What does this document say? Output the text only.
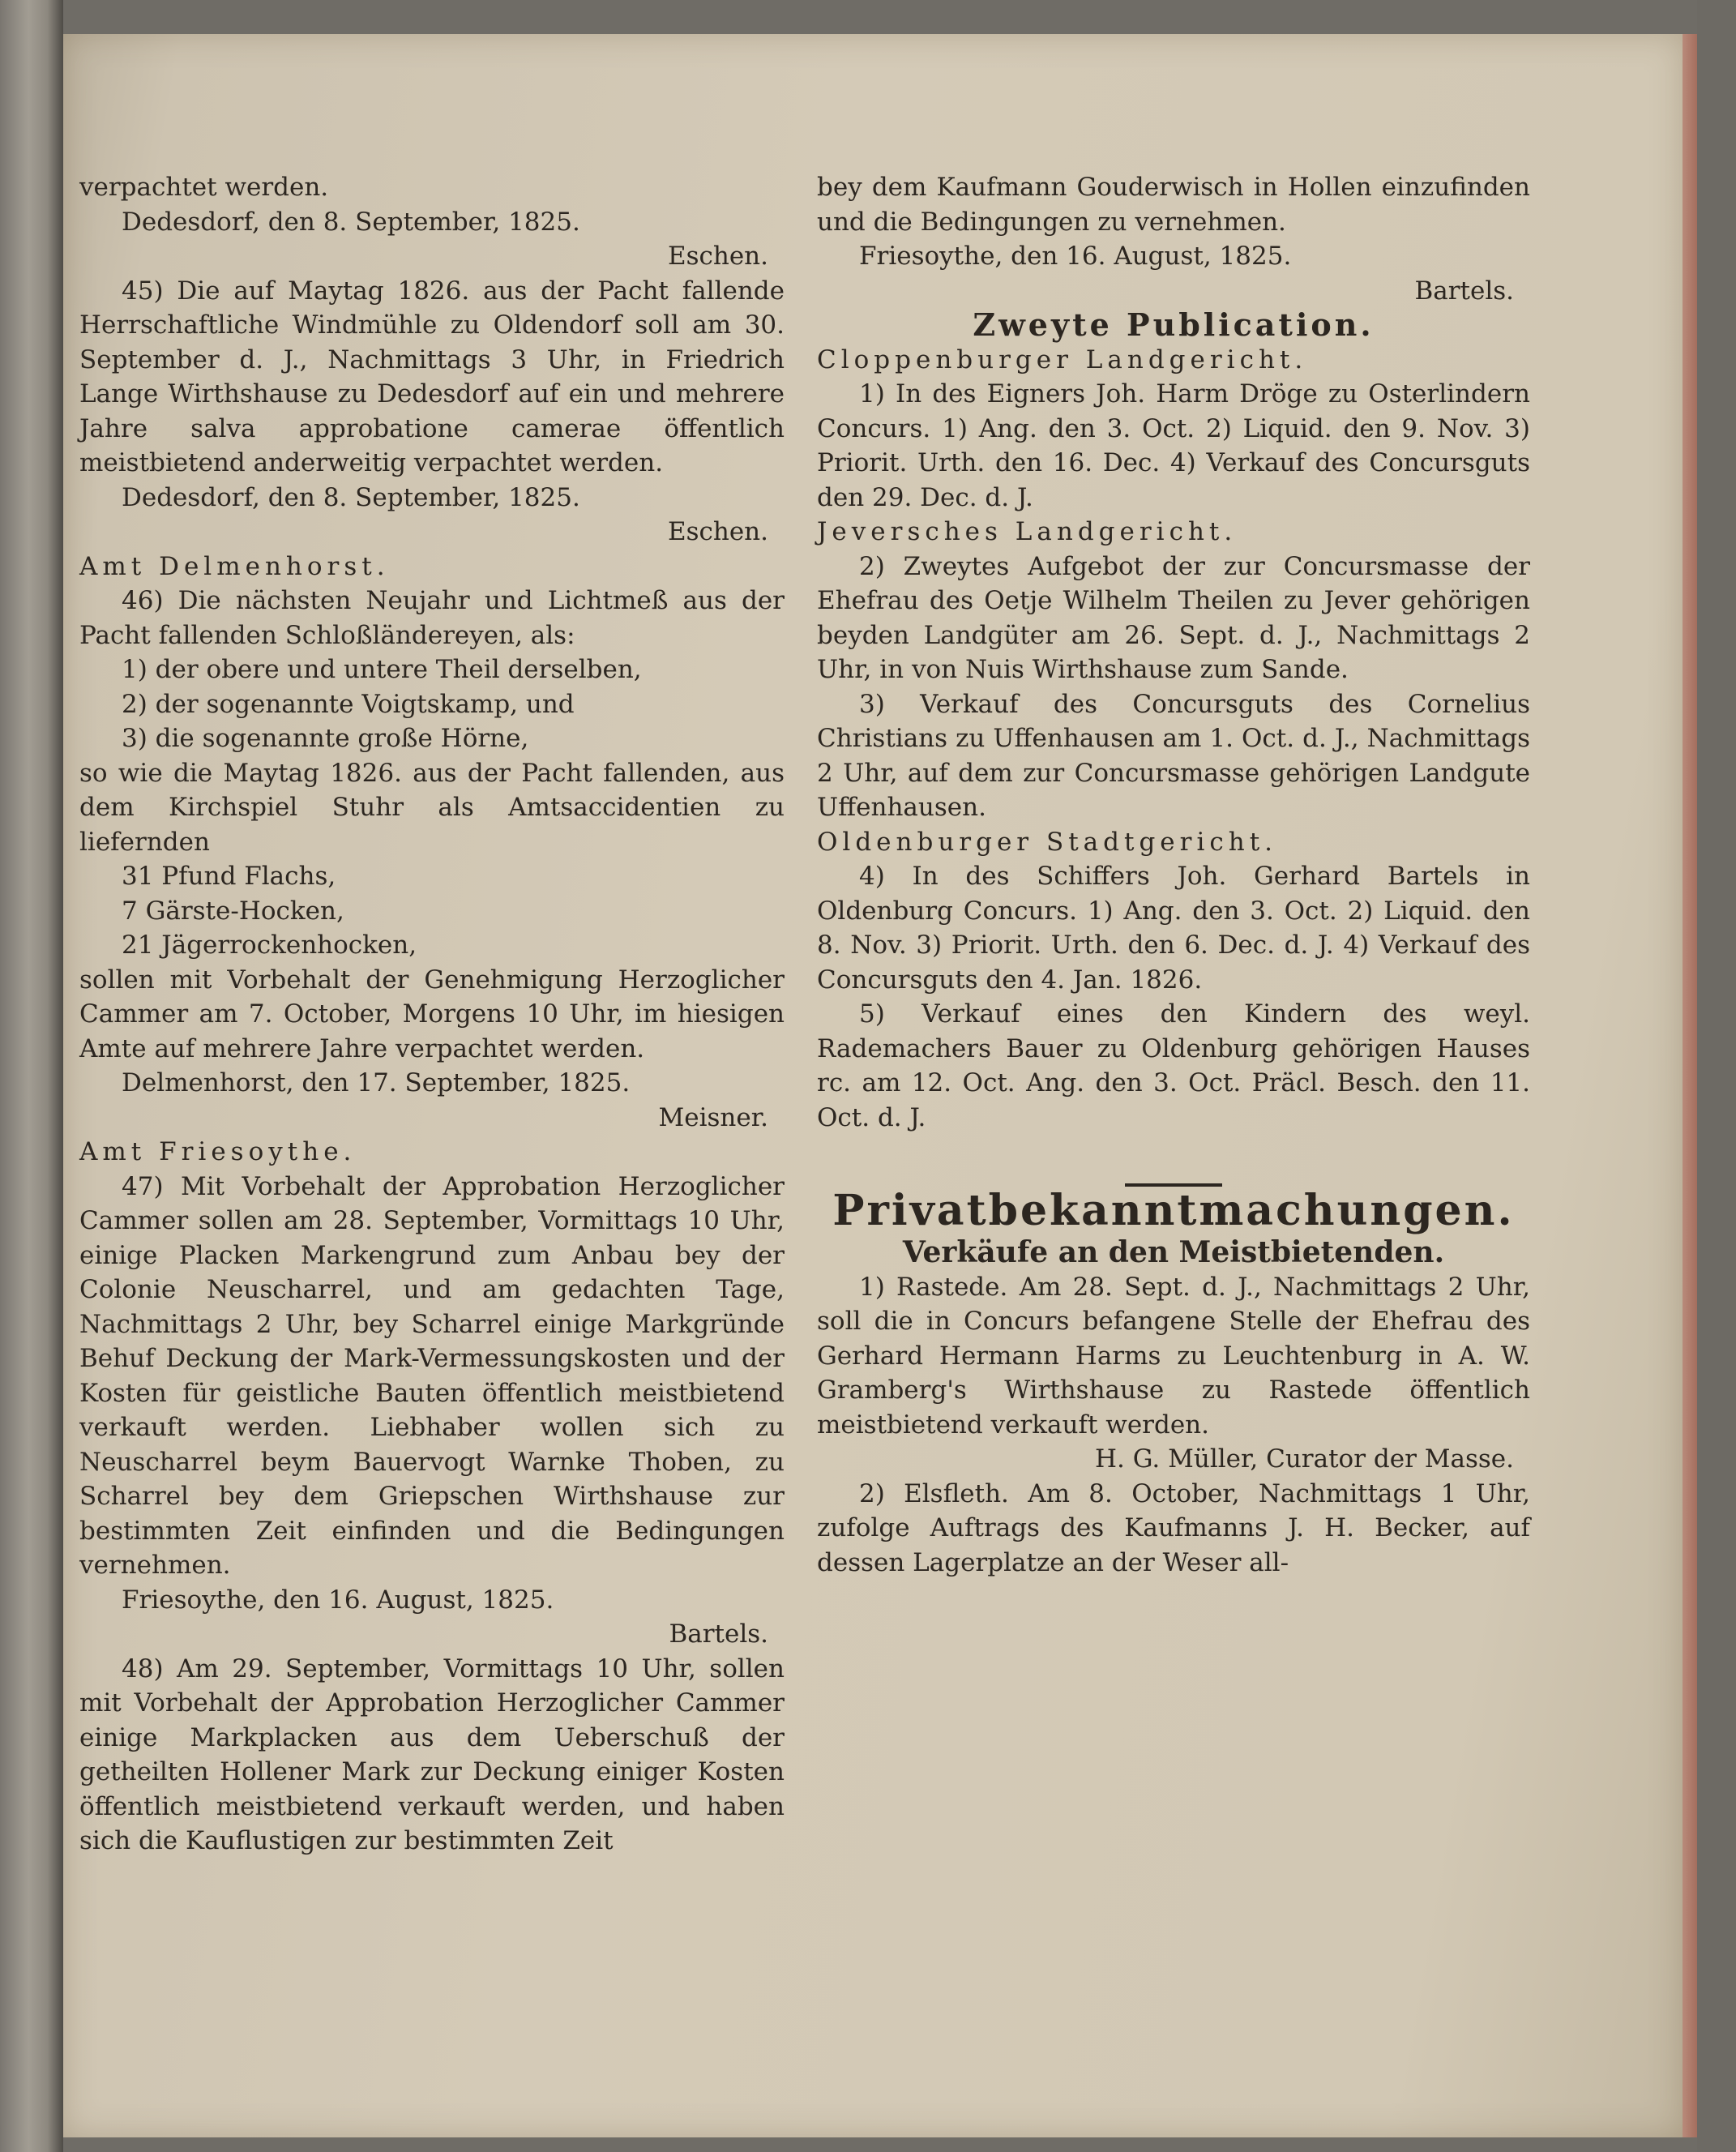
verpachtet werden.

Dedesdorf, den 8. September, 1825.

Eschen.

45) Die auf Maytag 1826. aus der Pacht fallende Herrschaftliche Windmühle zu Oldendorf soll am 30. September d. J., Nachmittags 3 Uhr, in Friedrich Lange Wirthshause zu Dedesdorf auf ein und mehrere Jahre salva approbatione camerae öffentlich meistbietend anderweitig verpachtet werden.

Dedesdorf, den 8. September, 1825.

Eschen.

Amt Delmenhorst.

46) Die nächsten Neujahr und Lichtmeß aus der Pacht fallenden Schloßländereyen, als:

1) der obere und untere Theil derselben,

2) der sogenannte Voigtskamp, und

3) die sogenannte große Hörne,

so wie die Maytag 1826. aus der Pacht fallenden, aus dem Kirchspiel Stuhr als Amtsaccidentien zu liefernden

31 Pfund Flachs,

7 Gärste-Hocken,

21 Jägerrockenhocken,

sollen mit Vorbehalt der Genehmigung Herzoglicher Cammer am 7. October, Morgens 10 Uhr, im hiesigen Amte auf mehrere Jahre verpachtet werden.

Delmenhorst, den 17. September, 1825.

Meisner.

Amt Friesoythe.

47) Mit Vorbehalt der Approbation Herzoglicher Cammer sollen am 28. September, Vormittags 10 Uhr, einige Placken Markengrund zum Anbau bey der Colonie Neuscharrel, und am gedachten Tage, Nachmittags 2 Uhr, bey Scharrel einige Markgründe Behuf Deckung der Mark-Vermessungskosten und der Kosten für geistliche Bauten öffentlich meistbietend verkauft werden. Liebhaber wollen sich zu Neuscharrel beym Bauervogt Warnke Thoben, zu Scharrel bey dem Griepschen Wirthshause zur bestimmten Zeit einfinden und die Bedingungen vernehmen.

Friesoythe, den 16. August, 1825.

Bartels.

48) Am 29. September, Vormittags 10 Uhr, sollen mit Vorbehalt der Approbation Herzoglicher Cammer einige Markplacken aus dem Ueberschuß der getheilten Hollener Mark zur Deckung einiger Kosten öffentlich meistbietend verkauft werden, und haben sich die Kauflustigen zur bestimmten Zeit

bey dem Kaufmann Gouderwisch in Hollen einzufinden und die Bedingungen zu vernehmen.

Friesoythe, den 16. August, 1825.

Bartels.

Zweyte Publication.

Cloppenburger Landgericht.

1) In des Eigners Joh. Harm Dröge zu Osterlindern Concurs. 1) Ang. den 3. Oct. 2) Liquid. den 9. Nov. 3) Priorit. Urth. den 16. Dec. 4) Verkauf des Concursguts den 29. Dec. d. J.

Jeversches Landgericht.

2) Zweytes Aufgebot der zur Concursmasse der Ehefrau des Oetje Wilhelm Theilen zu Jever gehörigen beyden Landgüter am 26. Sept. d. J., Nachmittags 2 Uhr, in von Nuis Wirthshause zum Sande.

3) Verkauf des Concursguts des Cornelius Christians zu Uffenhausen am 1. Oct. d. J., Nachmittags 2 Uhr, auf dem zur Concursmasse gehörigen Landgute Uffenhausen.

Oldenburger Stadtgericht.

4) In des Schiffers Joh. Gerhard Bartels in Oldenburg Concurs. 1) Ang. den 3. Oct. 2) Liquid. den 8. Nov. 3) Priorit. Urth. den 6. Dec. d. J. 4) Verkauf des Concursguts den 4. Jan. 1826.

5) Verkauf eines den Kindern des weyl. Rademachers Bauer zu Oldenburg gehörigen Hauses rc. am 12. Oct. Ang. den 3. Oct. Präcl. Besch. den 11. Oct. d. J.

Privatbekanntmachungen.

Verkäufe an den Meistbietenden.

1) Rastede. Am 28. Sept. d. J., Nachmittags 2 Uhr, soll die in Concurs befangene Stelle der Ehefrau des Gerhard Hermann Harms zu Leuchtenburg in A. W. Gramberg's Wirthshause zu Rastede öffentlich meistbietend verkauft werden.

H. G. Müller, Curator der Masse.

2) Elsfleth. Am 8. October, Nachmittags 1 Uhr, zufolge Auftrags des Kaufmanns J. H. Becker, auf dessen Lagerplatze an der Weser all-
